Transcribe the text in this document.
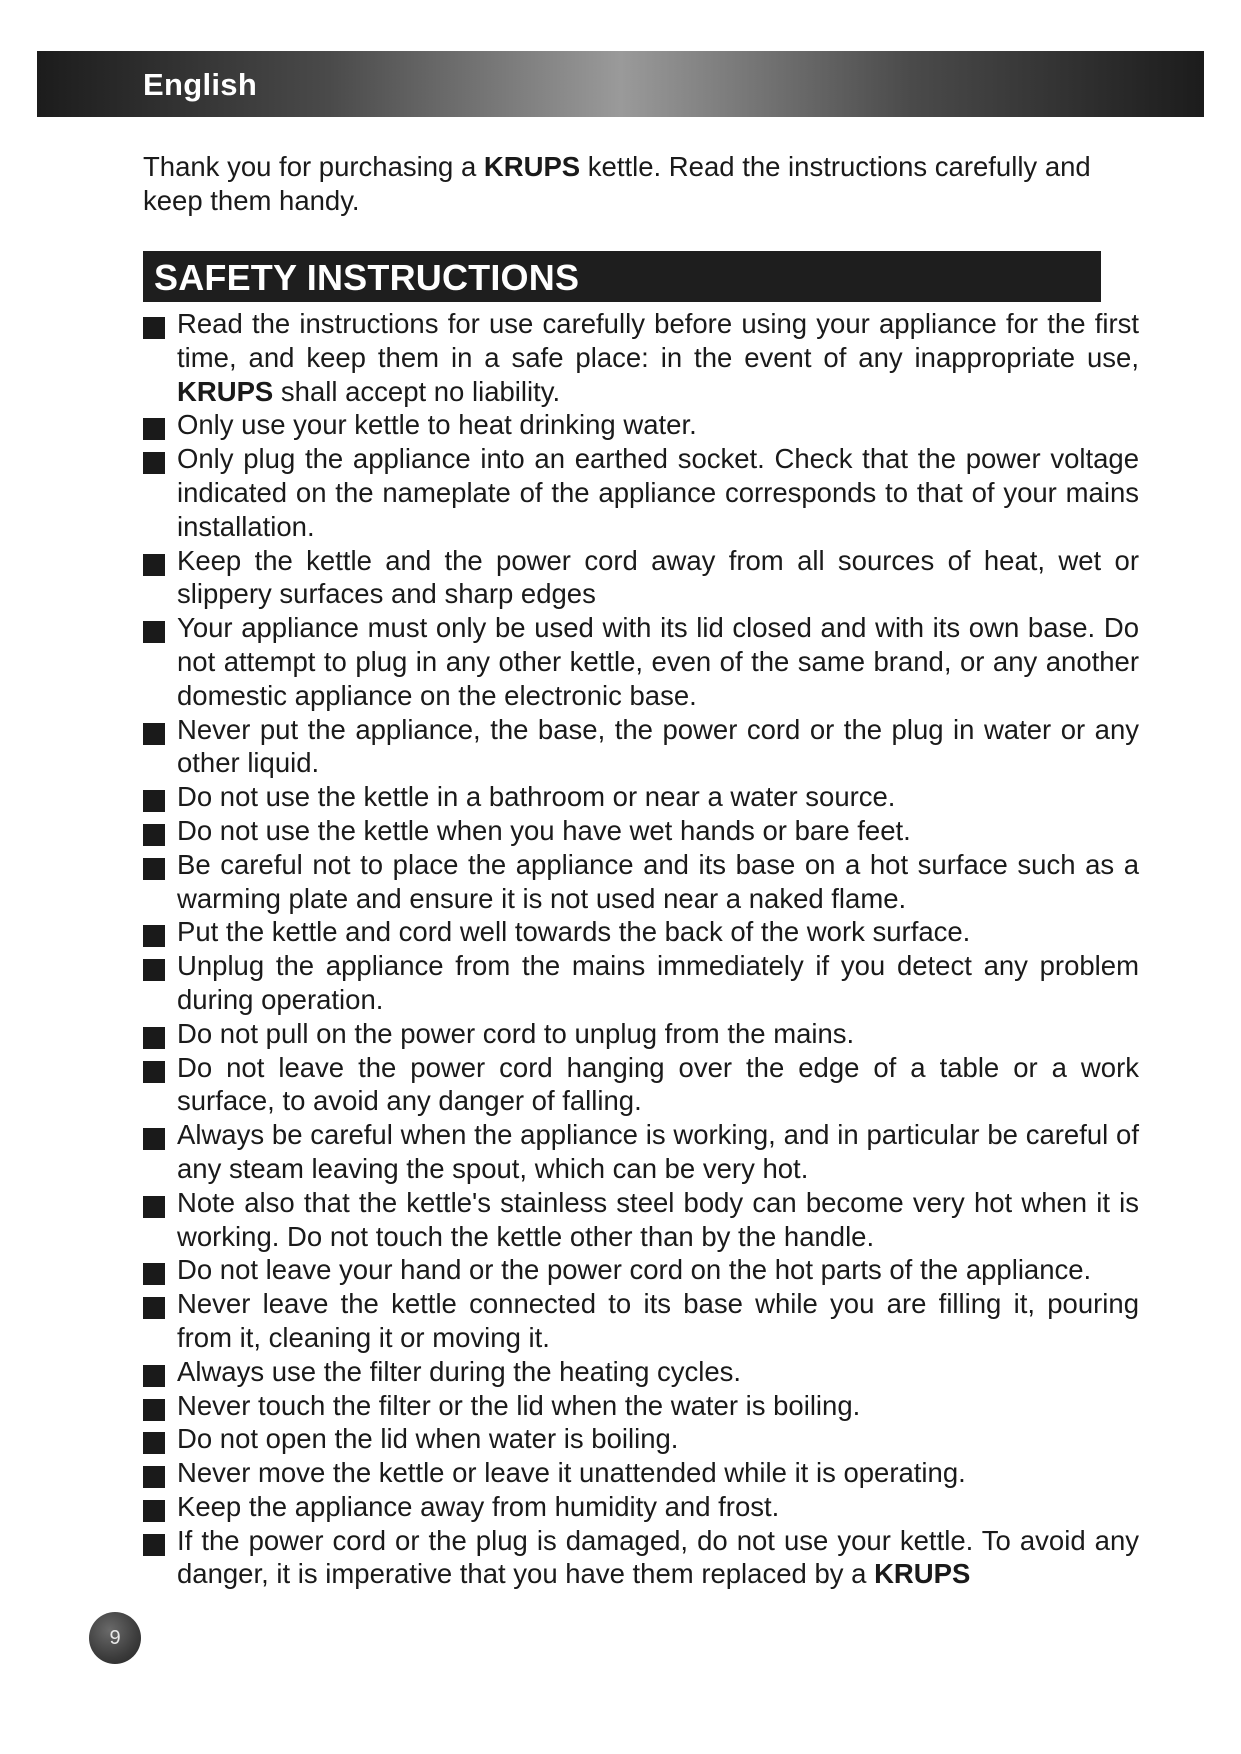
English

Thank you for purchasing a KRUPS kettle. Read the instructions carefully and keep them handy.

SAFETY INSTRUCTIONS
Read the instructions for use carefully before using your appliance for the first time, and keep them in a safe place: in the event of any inappropriate use, KRUPS shall accept no liability.
Only use your kettle to heat drinking water.
Only plug the appliance into an earthed socket. Check that the power voltage indicated on the nameplate of the appliance corresponds to that of your mains installation.
Keep the kettle and the power cord away from all sources of heat, wet or slippery surfaces and sharp edges
Your appliance must only be used with its lid closed and with its own base. Do not attempt to plug in any other kettle, even of the same brand, or any another domestic appliance on the electronic base.
Never put the appliance, the base, the power cord or the plug in water or any other liquid.
Do not use the kettle in a bathroom or near a water source.
Do not use the kettle when you have wet hands or bare feet.
Be careful not to place the appliance and its base on a hot surface such as a warming plate and ensure it is not used near a naked flame.
Put the kettle and cord well towards the back of the work surface.
Unplug the appliance from the mains immediately if you detect any problem during operation.
Do not pull on the power cord to unplug from the mains.
Do not leave the power cord hanging over the edge of a table or a work surface, to avoid any danger of falling.
Always be careful when the appliance is working, and in particular be careful of any steam leaving the spout, which can be very hot.
Note also that the kettle's stainless steel body can become very hot when it is working. Do not touch the kettle other than by the handle.
Do not leave your hand or the power cord on the hot parts of the appliance.
Never leave the kettle connected to its base while you are filling it, pouring from it, cleaning it or moving it.
Always use the filter during the heating cycles.
Never touch the filter or the lid when the water is boiling.
Do not open the lid when water is boiling.
Never move the kettle or leave it unattended while it is operating.
Keep the appliance away from humidity and frost.
If the power cord or the plug is damaged, do not use your kettle. To avoid any danger, it is imperative that you have them replaced by a KRUPS
9
